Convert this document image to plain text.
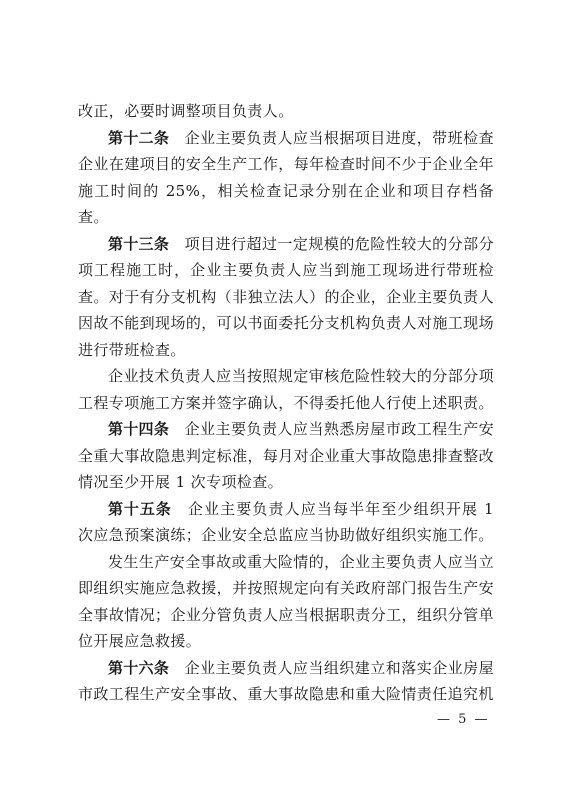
改正，必要时调整项目负责人。

第十二条　企业主要负责人应当根据项目进度，带班检查企业在建项目的安全生产工作，每年检查时间不少于企业全年施工时间的 25%，相关检查记录分别在企业和项目存档备查。

第十三条　项目进行超过一定规模的危险性较大的分部分项工程施工时，企业主要负责人应当到施工现场进行带班检查。对于有分支机构（非独立法人）的企业，企业主要负责人因故不能到现场的，可以书面委托分支机构负责人对施工现场进行带班检查。

企业技术负责人应当按照规定审核危险性较大的分部分项工程专项施工方案并签字确认，不得委托他人行使上述职责。

第十四条　企业主要负责人应当熟悉房屋市政工程生产安全重大事故隐患判定标准，每月对企业重大事故隐患排查整改情况至少开展 1 次专项检查。

第十五条　企业主要负责人应当每半年至少组织开展 1 次应急预案演练；企业安全总监应当协助做好组织实施工作。

发生生产安全事故或重大险情的，企业主要负责人应当立即组织实施应急救援，并按照规定向有关政府部门报告生产安全事故情况；企业分管负责人应当根据职责分工，组织分管单位开展应急救援。

第十六条　企业主要负责人应当组织建立和落实企业房屋市政工程生产安全事故、重大事故隐患和重大险情责任追究机

— 5 —
